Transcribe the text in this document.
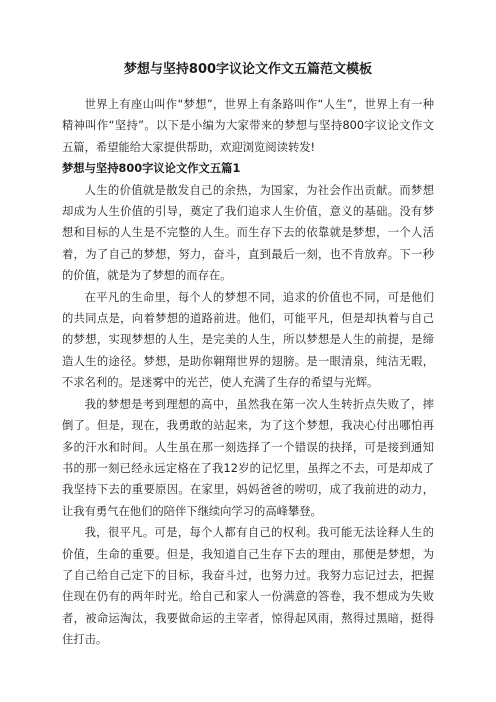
梦想与坚持800字议论文作文五篇范文模板

世界上有座山叫作“梦想”，世界上有条路叫作“人生”，世界上有一种精神叫作“坚持”。以下是小编为大家带来的梦想与坚持800字议论文作文五篇，希望能给大家提供帮助，欢迎浏览阅读转发!

梦想与坚持800字议论文作文五篇1

人生的价值就是散发自己的余热，为国家，为社会作出贡献。而梦想却成为人生价值的引导，奠定了我们追求人生价值，意义的基础。没有梦想和目标的人生是不完整的人生。而生存下去的依靠就是梦想，一个人活着，为了自己的梦想，努力，奋斗，直到最后一刻，也不肯放弃。下一秒的价值，就是为了梦想的而存在。

在平凡的生命里，每个人的梦想不同，追求的价值也不同，可是他们的共同点是，向着梦想的道路前进。他们，可能平凡，但是却执着与自己的梦想，实现梦想的人生，是完美的人生，所以梦想是人生的前提，是缔造人生的途径。梦想，是助你翱翔世界的翅膀。是一眼清泉，纯洁无暇，不求名利的。是迷雾中的光芒，使人充满了生存的希望与光辉。

我的梦想是考到理想的高中，虽然我在第一次人生转折点失败了，摔倒了。但是，现在，我勇敢的站起来，为了这个梦想，我决心付出哪怕再多的汗水和时间。人生虽在那一刻选择了一个错误的抉择，可是接到通知书的那一刻已经永远定格在了我12岁的记忆里，虽挥之不去，可是却成了我坚持下去的重要原因。在家里，妈妈爸爸的唠叨，成了我前进的动力，让我有勇气在他们的陪伴下继续向学习的高峰攀登。

我，很平凡。可是，每个人都有自己的权利。我可能无法诠释人生的价值，生命的重要。但是，我知道自己生存下去的理由，那便是梦想，为了自己给自己定下的目标，我奋斗过，也努力过。我努力忘记过去，把握住现在仍有的两年时光。给自己和家人一份满意的答卷，我不想成为失败者，被命运淘汰，我要做命运的主宰者，惊得起风雨，熬得过黑暗，挺得住打击。
